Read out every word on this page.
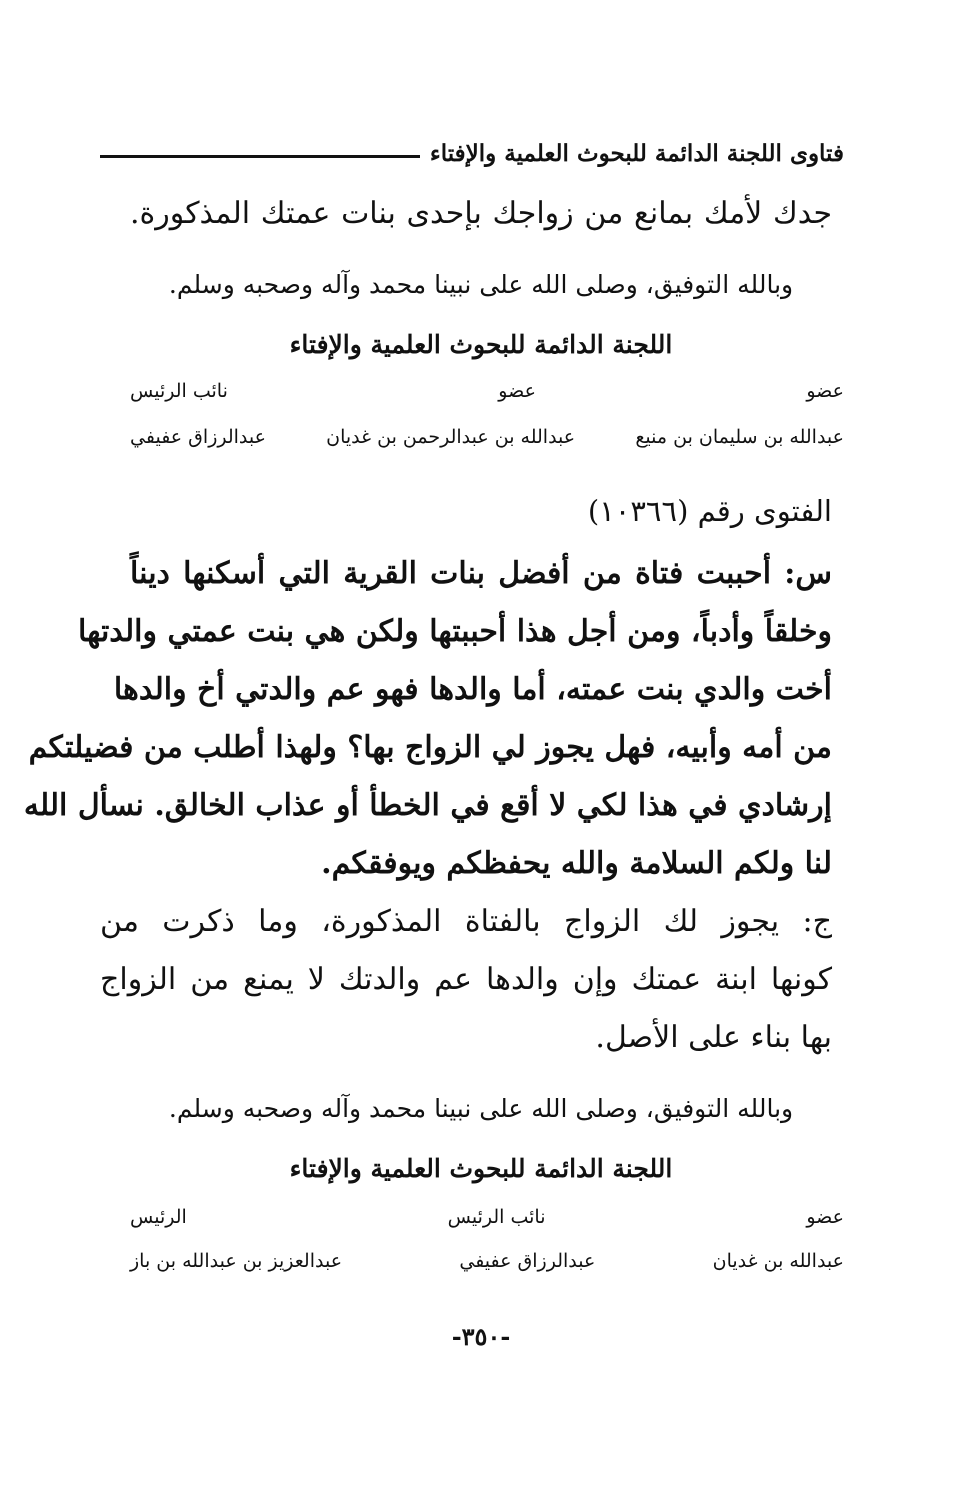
فتاوى اللجنة الدائمة للبحوث العلمية والإفتاء
جدك لأمك بمانع من زواجك بإحدى بنات عمتك المذكورة.
وبالله التوفيق، وصلى الله على نبينا محمد وآله وصحبه وسلم.
اللجنة الدائمة للبحوث العلمية والإفتاء
عضو
عضو
نائب الرئيس
عبدالله بن سليمان بن منيع
عبدالله بن عبدالرحمن بن غديان
عبدالرزاق عفيفي
الفتوى رقم (١٠٣٦٦)
س: أحببت فتاة من أفضل بنات القرية التي أسكنها ديناً
وخلقاً وأدباً، ومن أجل هذا أحببتها ولكن هي بنت عمتي والدتها
أخت والدي بنت عمته، أما والدها فهو عم والدتي أخ والدها
من أمه وأبيه، فهل يجوز لي الزواج بها؟ ولهذا أطلب من فضيلتكم
إرشادي في هذا لكي لا أقع في الخطأ أو عذاب الخالق. نسأل الله
لنا ولكم السلامة والله يحفظكم ويوفقكم.
ج: يجوز لك الزواج بالفتاة المذكورة، وما ذكرت من
كونها ابنة عمتك وإن والدها عم والدتك لا يمنع من الزواج
بها بناء على الأصل.
وبالله التوفيق، وصلى الله على نبينا محمد وآله وصحبه وسلم.
اللجنة الدائمة للبحوث العلمية والإفتاء
عضو
نائب الرئيس
الرئيس
عبدالله بن غديان
عبدالرزاق عفيفي
عبدالعزيز بن عبدالله بن باز
-٣٥٠-
